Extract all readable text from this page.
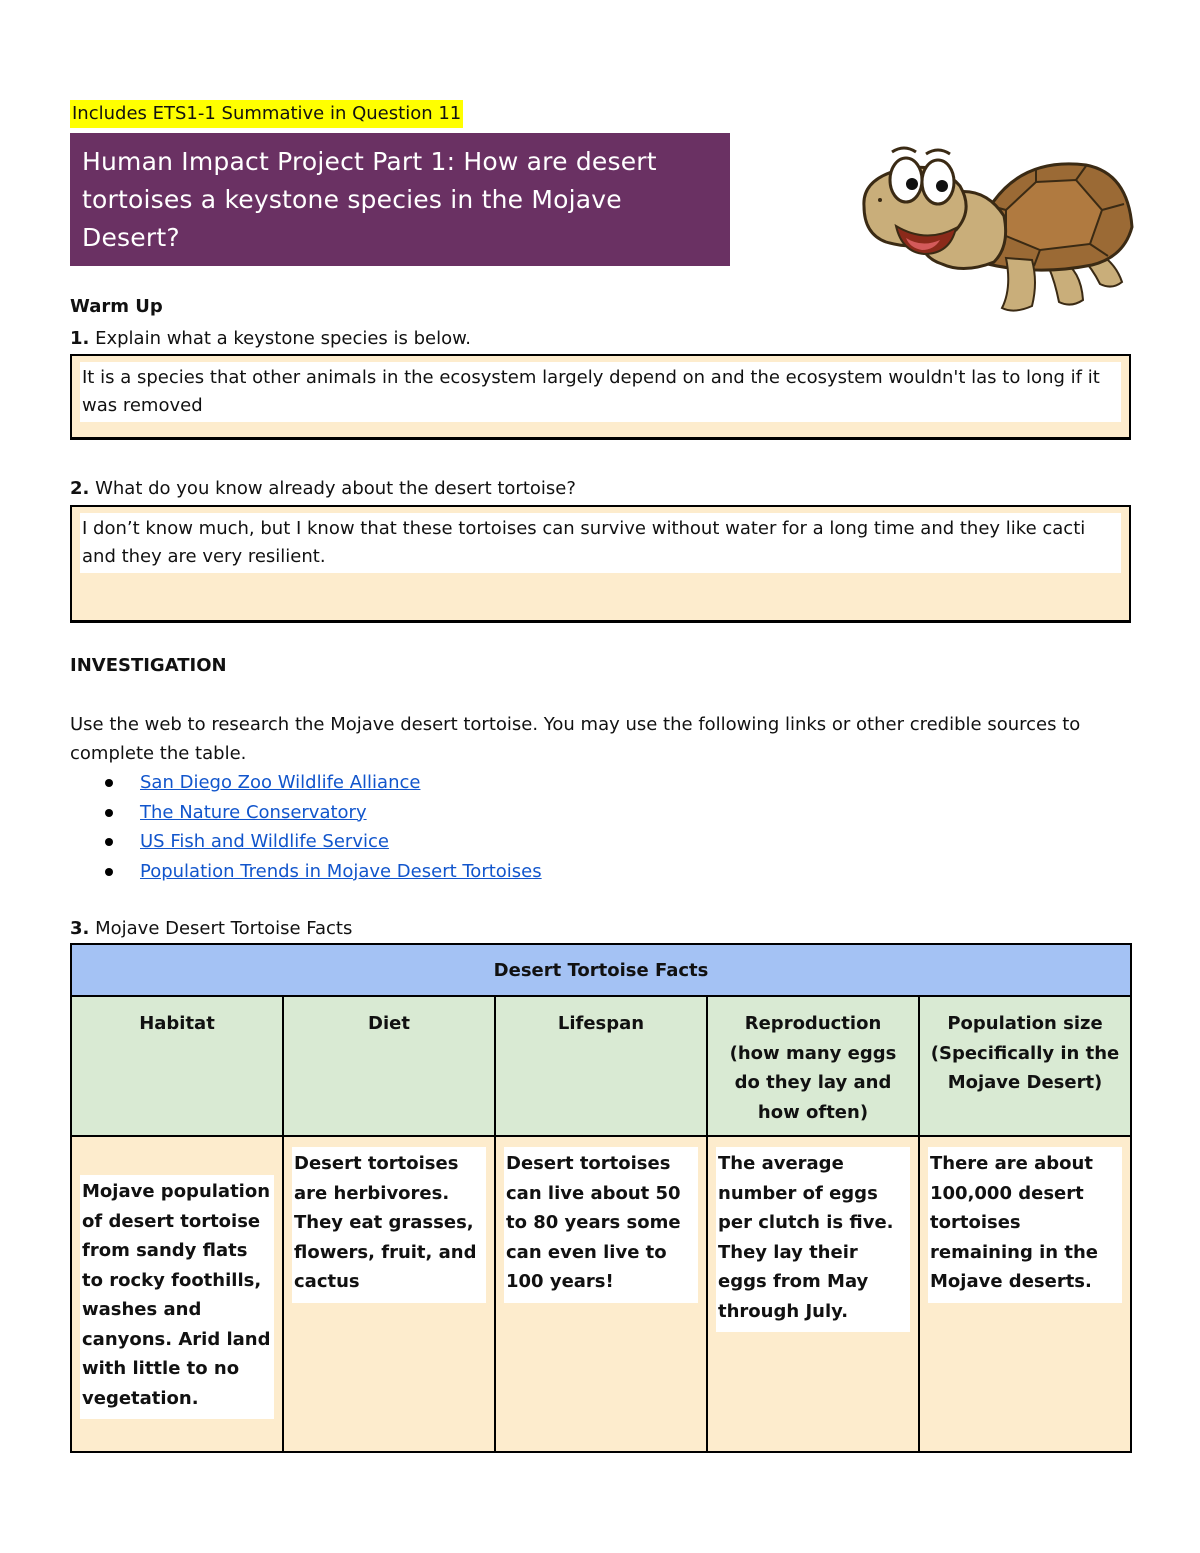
Includes ETS1-1 Summative in Question 11
Human Impact Project Part 1: How are desert tortoises a keystone species in the Mojave Desert?
Warm Up
1. Explain what a keystone species is below.
It is a species that other animals in the ecosystem largely depend on and the ecosystem wouldn't las to long if it was removed
2. What do you know already about the desert tortoise?
I don’t know much, but I know that these tortoises can survive without water for a long time and they like cacti and they are very resilient.
INVESTIGATION
Use the web to research the Mojave desert tortoise. You may use the following links or other credible sources to complete the table.
San Diego Zoo Wildlife Alliance
The Nature Conservatory
US Fish and Wildlife Service
Population Trends in Mojave Desert Tortoises
3. Mojave Desert Tortoise Facts
Desert Tortoise Facts				
Habitat	Diet	Lifespan	Reproduction (how many eggs do they lay and how often)	Population size (Specifically in the Mojave Desert)
Mojave population of desert tortoise from sandy flats to rocky foothills, washes and canyons. Arid land with little to no vegetation.	Desert tortoises are herbivores. They eat grasses, flowers, fruit, and cactus	Desert tortoises can live about 50 to 80 years some can even live to 100 years!	The average number of eggs per clutch is five. They lay their eggs from May through July.	There are about 100,000 desert tortoises remaining in the Mojave deserts.
